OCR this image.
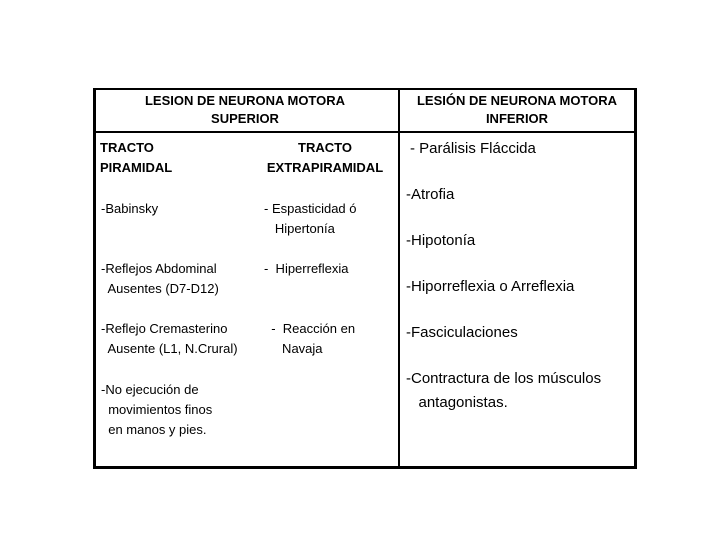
LESION DE NEURONA MOTORA
SUPERIOR
LESIÓN DE NEURONA MOTORA
INFERIOR
TRACTO
PIRAMIDAL
TRACTO
EXTRAPIRAMIDAL
-Babinsky
-Reflejos Abdominal
Ausentes (D7-D12)
-Reflejo Cremasterino
Ausente (L1, N.Crural)
-No ejecución de
movimientos finos
en manos y pies.
- Espasticidad ó
Hipertonía
-  Hiperreflexia
-  Reacción en
Navaja
- Parálisis Fláccida
-Atrofia
-Hipotonía
-Hiporreflexia o Arreflexia
-Fasciculaciones
-Contractura de los músculos
antagonistas.
